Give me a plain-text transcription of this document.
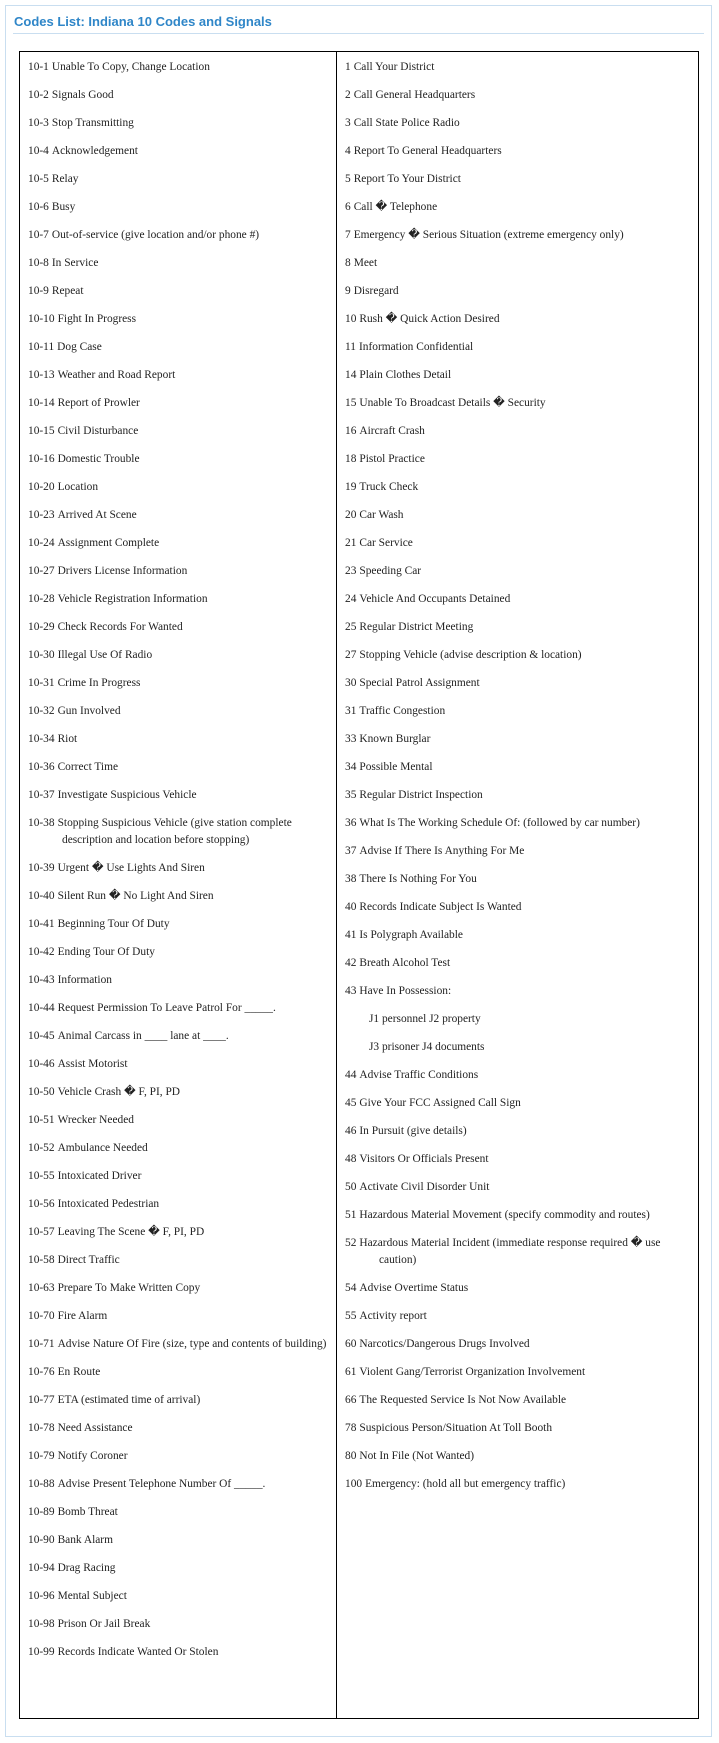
Codes List: Indiana 10 Codes and Signals
10-1 Unable To Copy, Change Location
10-2 Signals Good
10-3 Stop Transmitting
10-4 Acknowledgement
10-5 Relay
10-6 Busy
10-7 Out-of-service (give location and/or phone #)
10-8 In Service
10-9 Repeat
10-10 Fight In Progress
10-11 Dog Case
10-13 Weather and Road Report
10-14 Report of Prowler
10-15 Civil Disturbance
10-16 Domestic Trouble
10-20 Location
10-23 Arrived At Scene
10-24 Assignment Complete
10-27 Drivers License Information
10-28 Vehicle Registration Information
10-29 Check Records For Wanted
10-30 Illegal Use Of Radio
10-31 Crime In Progress
10-32 Gun Involved
10-34 Riot
10-36 Correct Time
10-37 Investigate Suspicious Vehicle
10-38 Stopping Suspicious Vehicle (give station complete description and location before stopping)
10-39 Urgent � Use Lights And Siren
10-40 Silent Run � No Light And Siren
10-41 Beginning Tour Of Duty
10-42 Ending Tour Of Duty
10-43 Information
10-44 Request Permission To Leave Patrol For _____.
10-45 Animal Carcass in ____ lane at ____.
10-46 Assist Motorist
10-50 Vehicle Crash � F, PI, PD
10-51 Wrecker Needed
10-52 Ambulance Needed
10-55 Intoxicated Driver
10-56 Intoxicated Pedestrian
10-57 Leaving The Scene � F, PI, PD
10-58 Direct Traffic
10-63 Prepare To Make Written Copy
10-70 Fire Alarm
10-71 Advise Nature Of Fire (size, type and contents of building)
10-76 En Route
10-77 ETA (estimated time of arrival)
10-78 Need Assistance
10-79 Notify Coroner
10-88 Advise Present Telephone Number Of _____.
10-89 Bomb Threat
10-90 Bank Alarm
10-94 Drag Racing
10-96 Mental Subject
10-98 Prison Or Jail Break
10-99 Records Indicate Wanted Or Stolen
1 Call Your District
2 Call General Headquarters
3 Call State Police Radio
4 Report To General Headquarters
5 Report To Your District
6 Call � Telephone
7 Emergency � Serious Situation (extreme emergency only)
8 Meet
9 Disregard
10 Rush � Quick Action Desired
11 Information Confidential
14 Plain Clothes Detail
15 Unable To Broadcast Details � Security
16 Aircraft Crash
18 Pistol Practice
19 Truck Check
20 Car Wash
21 Car Service
23 Speeding Car
24 Vehicle And Occupants Detained
25 Regular District Meeting
27 Stopping Vehicle (advise description & location)
30 Special Patrol Assignment
31 Traffic Congestion
33 Known Burglar
34 Possible Mental
35 Regular District Inspection
36 What Is The Working Schedule Of: (followed by car number)
37 Advise If There Is Anything For Me
38 There Is Nothing For You
40 Records Indicate Subject Is Wanted
41 Is Polygraph Available
42 Breath Alcohol Test
43 Have In Possession:
J1 personnel J2 property
J3 prisoner J4 documents
44 Advise Traffic Conditions
45 Give Your FCC Assigned Call Sign
46 In Pursuit (give details)
48 Visitors Or Officials Present
50 Activate Civil Disorder Unit
51 Hazardous Material Movement (specify commodity and routes)
52 Hazardous Material Incident (immediate response required � use caution)
54 Advise Overtime Status
55 Activity report
60 Narcotics/Dangerous Drugs Involved
61 Violent Gang/Terrorist Organization Involvement
66 The Requested Service Is Not Now Available
78 Suspicious Person/Situation At Toll Booth
80 Not In File (Not Wanted)
100 Emergency: (hold all but emergency traffic)
